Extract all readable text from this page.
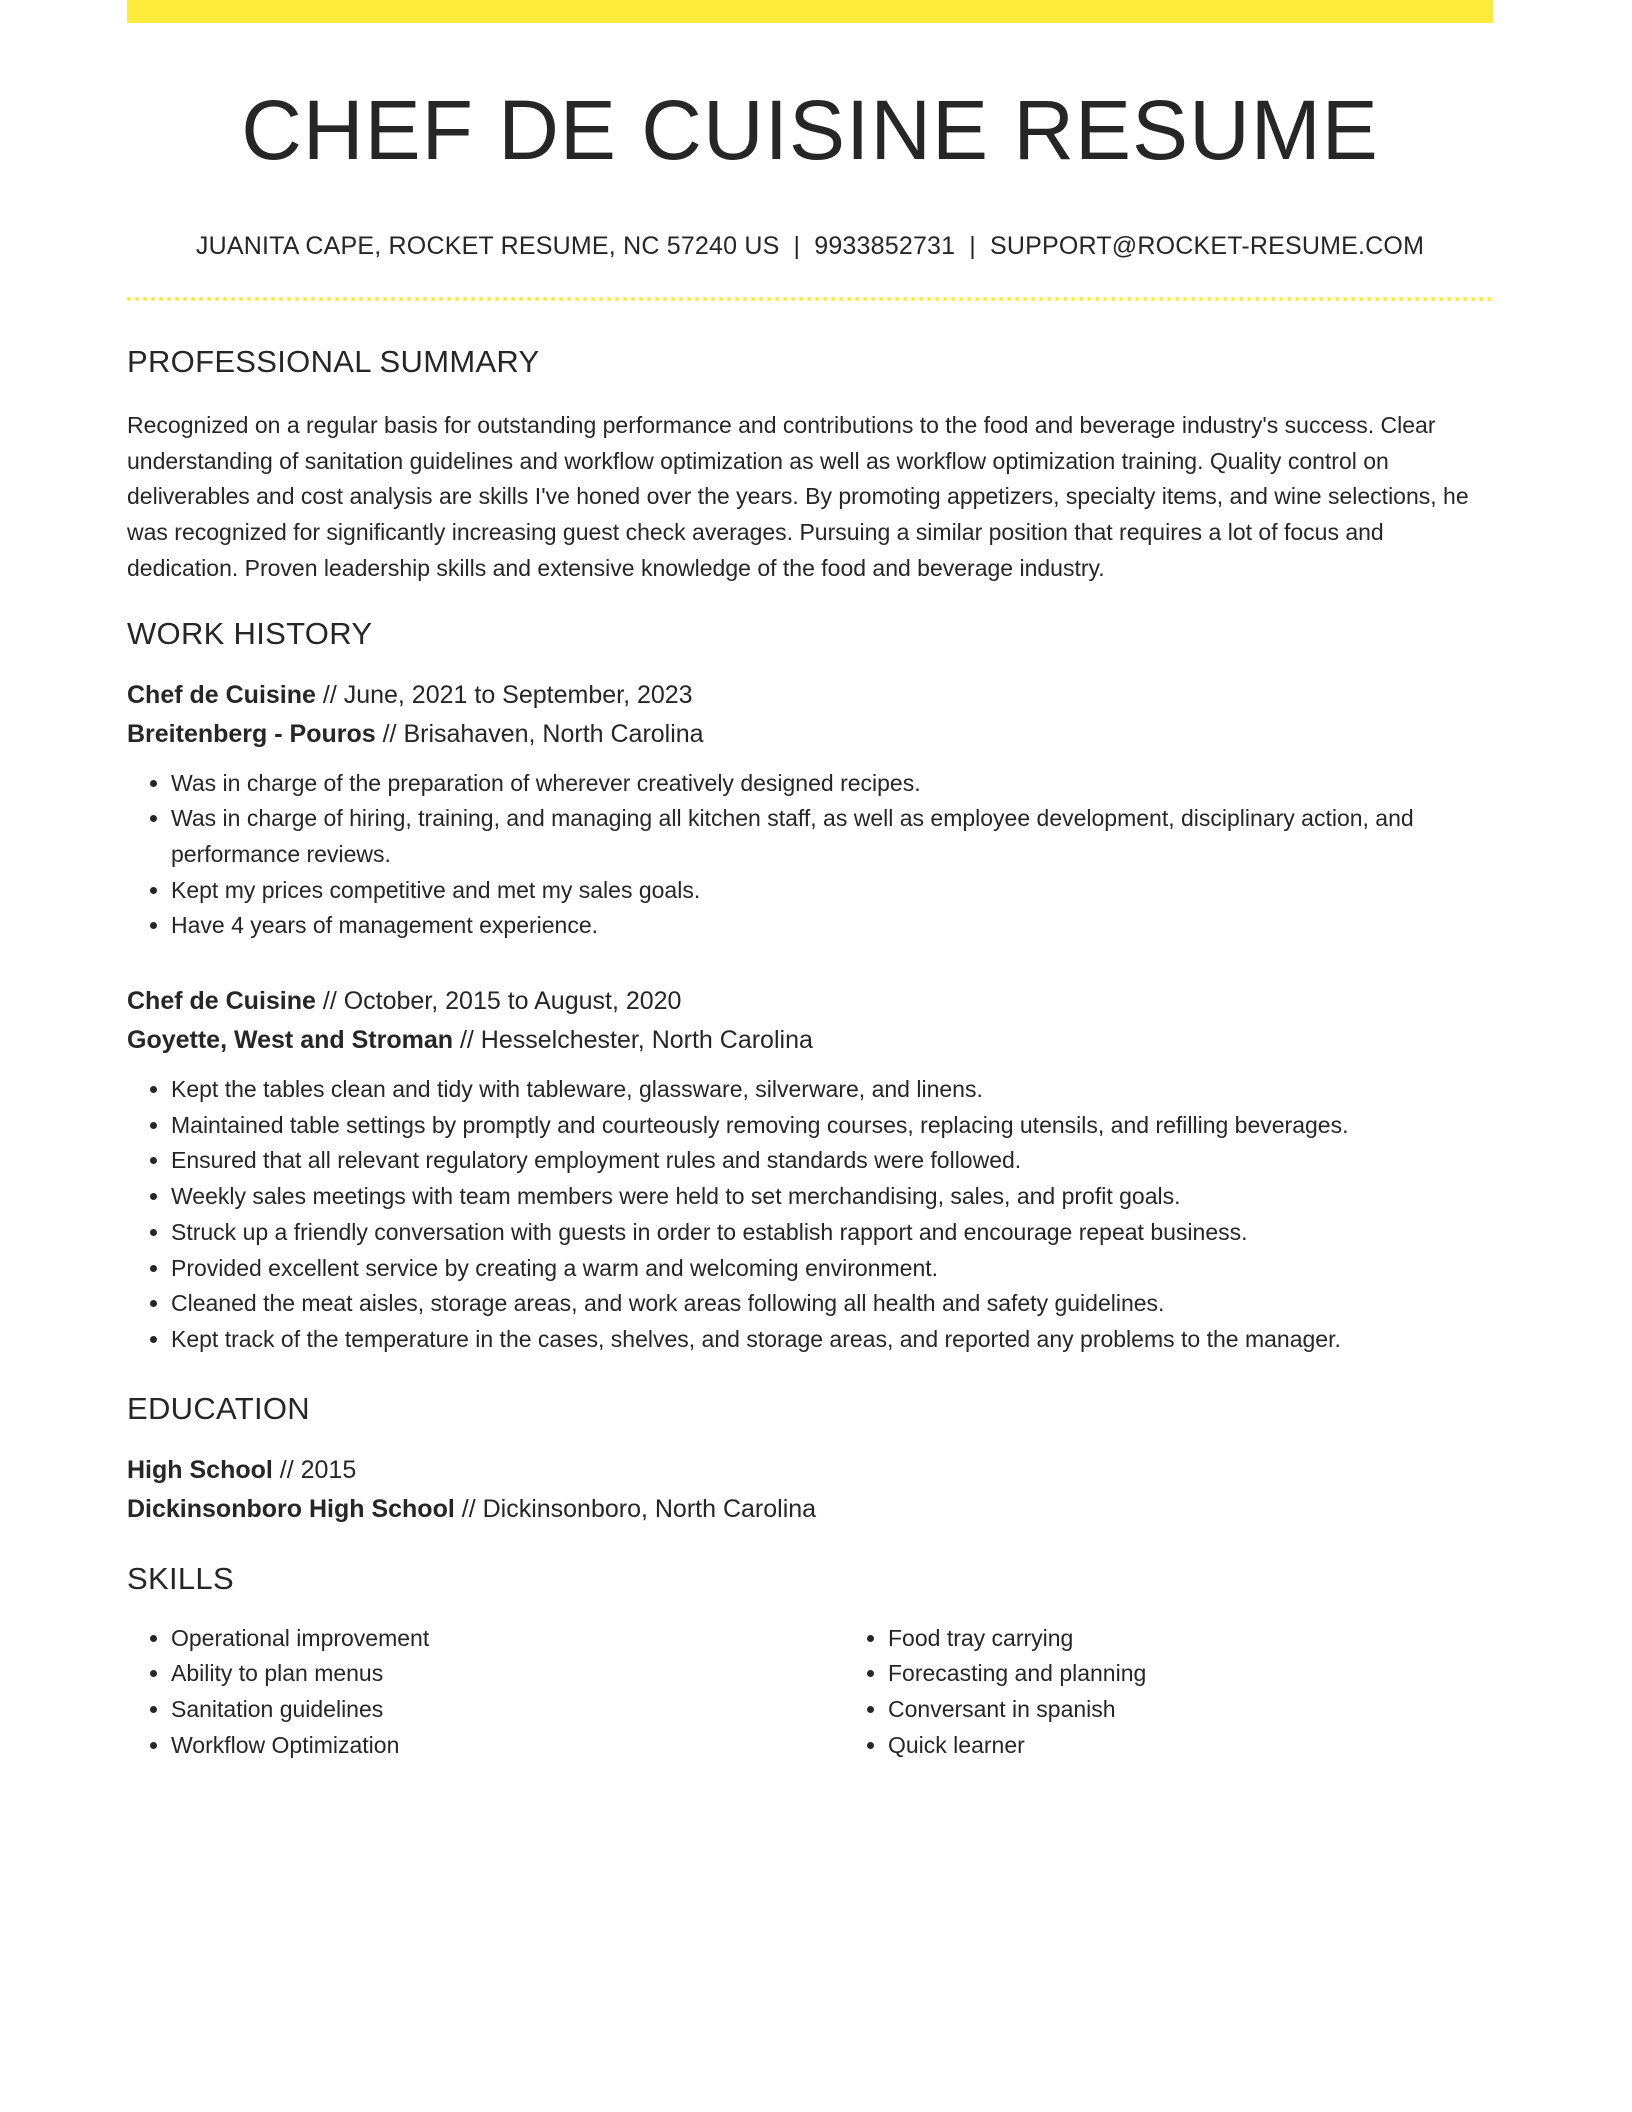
CHEF DE CUISINE RESUME
JUANITA CAPE, ROCKET RESUME, NC 57240 US | 9933852731 | SUPPORT@ROCKET-RESUME.COM
PROFESSIONAL SUMMARY

Recognized on a regular basis for outstanding performance and contributions to the food and beverage industry's success. Clear understanding of sanitation guidelines and workflow optimization as well as workflow optimization training. Quality control on deliverables and cost analysis are skills I've honed over the years. By promoting appetizers, specialty items, and wine selections, he was recognized for significantly increasing guest check averages. Pursuing a similar position that requires a lot of focus and dedication. Proven leadership skills and extensive knowledge of the food and beverage industry.

WORK HISTORY
Chef de Cuisine // June, 2021 to September, 2023
Breitenberg - Pouros // Brisahaven, North Carolina
• Was in charge of the preparation of wherever creatively designed recipes.
• Was in charge of hiring, training, and managing all kitchen staff, as well as employee development, disciplinary action, and performance reviews.
• Kept my prices competitive and met my sales goals.
• Have 4 years of management experience.
Chef de Cuisine // October, 2015 to August, 2020
Goyette, West and Stroman // Hesselchester, North Carolina
• Kept the tables clean and tidy with tableware, glassware, silverware, and linens.
• Maintained table settings by promptly and courteously removing courses, replacing utensils, and refilling beverages.
• Ensured that all relevant regulatory employment rules and standards were followed.
• Weekly sales meetings with team members were held to set merchandising, sales, and profit goals.
• Struck up a friendly conversation with guests in order to establish rapport and encourage repeat business.
• Provided excellent service by creating a warm and welcoming environment.
• Cleaned the meat aisles, storage areas, and work areas following all health and safety guidelines.
• Kept track of the temperature in the cases, shelves, and storage areas, and reported any problems to the manager.
EDUCATION
High School // 2015
Dickinsonboro High School // Dickinsonboro, North Carolina
SKILLS
• Operational improvement
• Ability to plan menus
• Sanitation guidelines
• Workflow Optimization
• Food tray carrying
• Forecasting and planning
• Conversant in spanish
• Quick learner
